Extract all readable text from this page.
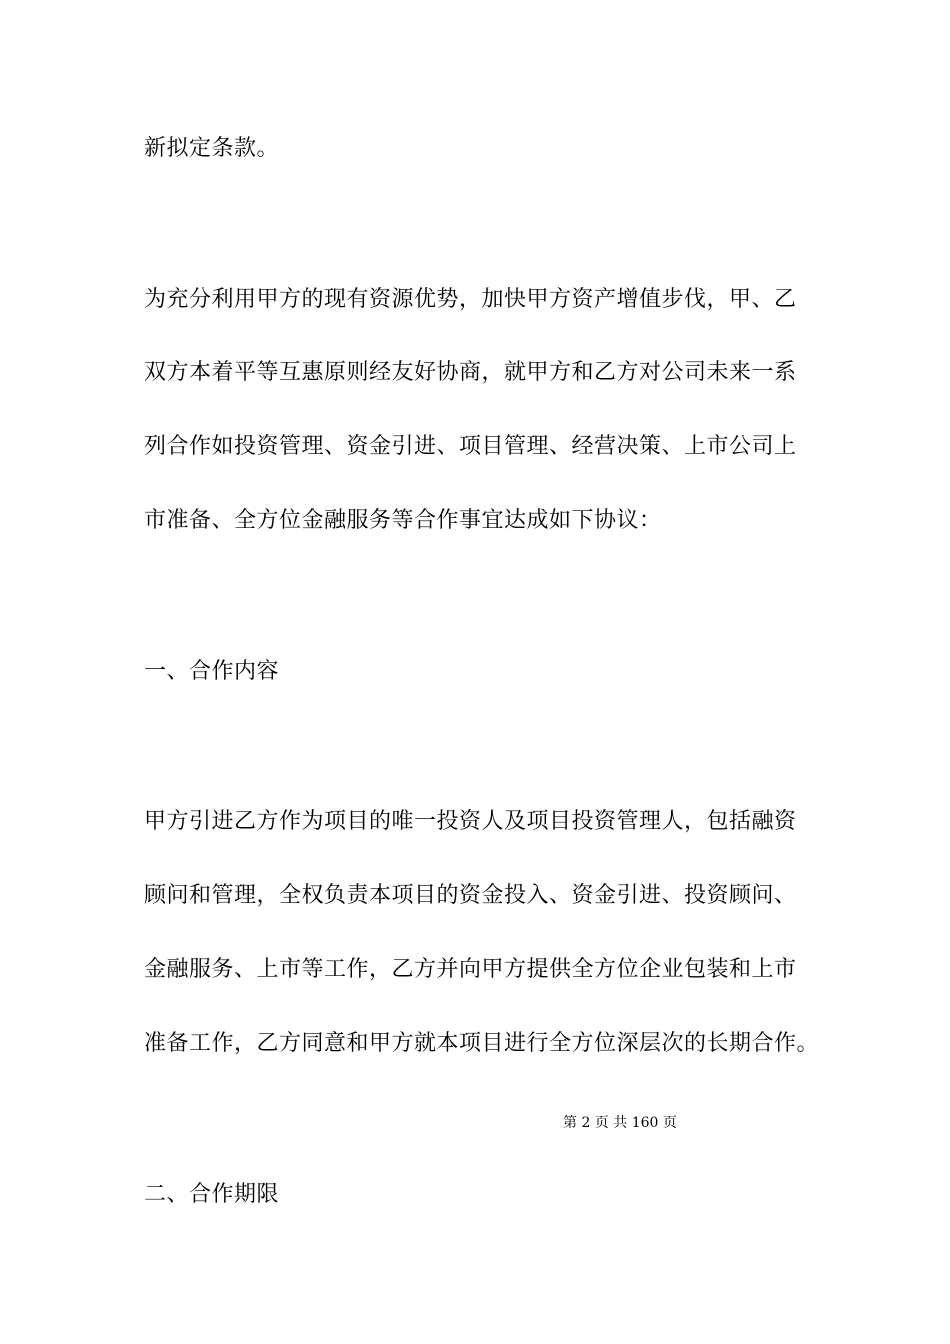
新拟定条款。
为充分利用甲方的现有资源优势，加快甲方资产增值步伐，甲、乙
双方本着平等互惠原则经友好协商，就甲方和乙方对公司未来一系
列合作如投资管理、资金引进、项目管理、经营决策、上市公司上
市准备、全方位金融服务等合作事宜达成如下协议：
一、合作内容
甲方引进乙方作为项目的唯一投资人及项目投资管理人，包括融资
顾问和管理，全权负责本项目的资金投入、资金引进、投资顾问、
金融服务、上市等工作，乙方并向甲方提供全方位企业包装和上市
准备工作，乙方同意和甲方就本项目进行全方位深层次的长期合作。
第 2 页 共 160 页
二、合作期限
